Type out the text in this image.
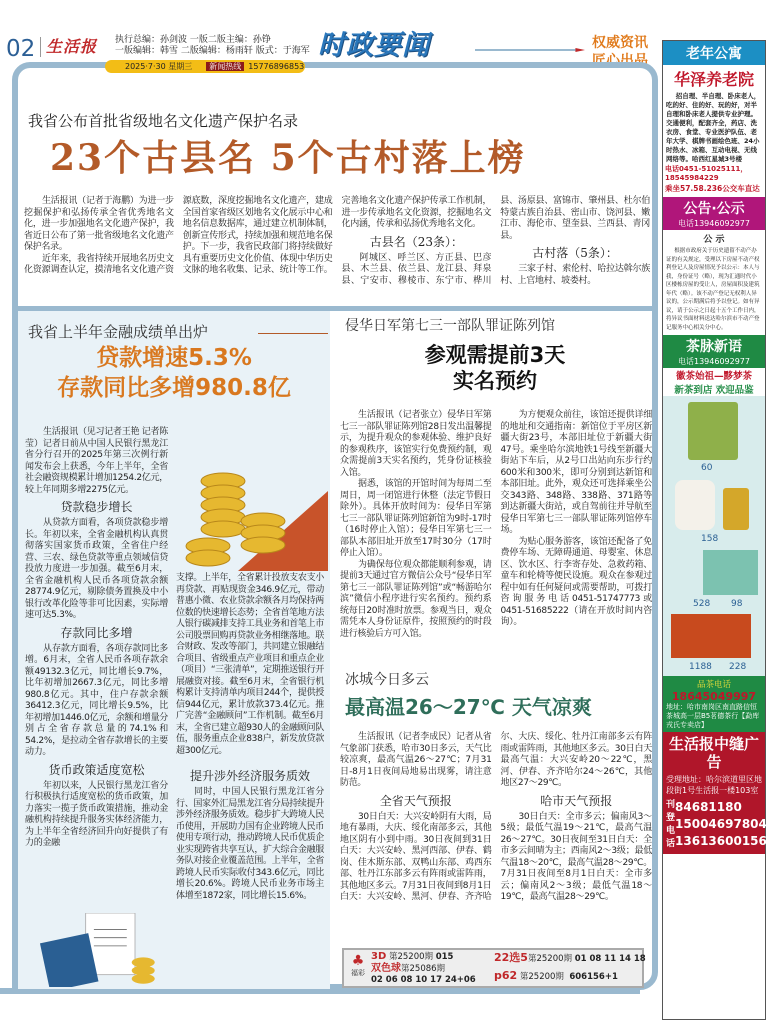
02 生活报 执行总编：孙剑波 一版二版主编：孙铮
一版编辑：韩雪 二版编辑：杨雨轩 版式：于海军 时政要闻	权威资讯
匠心出品
2025·7·30 星期三 新闻热线 15776896853
我省公布首批省级地名文化遗产保护名录
23个古县名 5个古村落上榜

生活报讯（记者于海鹏）为进一步挖掘保护和弘扬传承全省优秀地名文化，进一步加强地名文化遗产保护，我省近日公布了第一批省级地名文化遗产保护名录。

近年来，我省持续开展地名历史文化资源调查认定，摸清地名文化遗产资源底数，深度挖掘地名文化遗产，建成全国首家省级区划地名文化展示中心和地名信息数据库，通过建立机制体制，创新宣传形式，持续加强和规范地名保护。下一步，我省民政部门将持续做好具有重要历史文化价值、体现中华历史文脉的地名收集、记录、统计等工作。完善地名文化遗产保护传承工作机制，进一步传承地名文化资源，挖掘地名文化内涵，传承和弘扬优秀地名文化。

古县名（23条）：

阿城区、呼兰区、方正县、巴彦县、木兰县、依兰县、龙江县、拜泉县、宁安市、穆棱市、东宁市、桦川县、汤原县、富锦市、肇州县、杜尔伯特蒙古族自治县、密山市、饶河县、嫩江市、海伦市、望奎县、兰西县、青冈县。

古村落（5条）：

三家子村、索伦村、哈拉达斡尔族村、上官地村、坡娄村。

我省上半年金融成绩单出炉
贷款增速5.3%
存款同比多增980.8亿

生活报讯（见习记者王艳 记者陈莹）记者日前从中国人民银行黑龙江省分行召开的2025年第三次例行新闻发布会上获悉，今年上半年，全省社会融资规模累计增加1254.2亿元，较上年同期多增2275亿元。

贷款稳步增长

从贷款方面看，各项贷款稳步增长。年初以来，全省金融机构认真贯彻落实国家货币政策，全省住户经营、三农、绿色贷款等重点领域信贷投放力度进一步加强。截至6月末，全省金融机构人民币各项贷款余额28774.9亿元，剔除债务置换及中小银行改革化险等非可比因素，实际增速可达5.3%。

存款同比多增

从存款方面看，各项存款同比多增。6月末，全省人民币各项存款余额49132.3亿元，同比增长9.7%，比年初增加2667.3亿元，同比多增980.8亿元。其中，住户存款余额36412.3亿元，同比增长9.5%，比年初增加1446.0亿元，余额和增量分别占全省存款总量的74.1%和54.2%，是拉动全省存款增长的主要动力。

货币政策适度宽松

年初以来，人民银行黑龙江省分行积极执行适度宽松的货币政策，加力落实一揽子货币政策措施，推动金融机构持续提升服务实体经济能力，为上半年全省经济回升向好提供了有力的金融

支撑。上半年，全省累计投放支农支小再贷款、再贴现资金346.9亿元，带动普惠小微、农业贷款余额各月均保持两位数的快速增长态势；全省首笔地方法人银行碳减排支持工具业务和首笔上市公司股票回购再贷款业务相继落地。联合财政、发改等部门，共同建立银融结合项目、省级重点产业项目和重点企业（项目）“三张清单”，定期推送银行开展融资对接。截至6月末，全省银行机构累计支持清单内项目244个，提供授信944亿元，累计放款373.4亿元。推广完善“金融顾问”工作机制。截至6月末，全省已建立超930人的金融顾问队伍，服务重点企业838户，新发放贷款超300亿元。

提升涉外经济服务质效

同时，中国人民银行黑龙江省分行、国家外汇局黑龙江省分局持续提升涉外经济服务质效。稳步扩大跨境人民币使用，开展助力国有企业跨境人民币使用专项行动，推动跨境人民币优质企业实现跨省共享互认，扩大综合金融服务队对接企业覆盖范围。上半年，全省跨境人民币实际收付343.6亿元，同比增长20.6%。跨境人民币业务市场主体增至1872家，同比增长15.6%。

侵华日军第七三一部队罪证陈列馆
参观需提前3天
实名预约

生活报讯（记者张立）侵华日军第七三一部队罪证陈列馆28日发出温馨提示，为提升观众的参观体验、维护良好的参观秩序，该馆实行免费预约制，观众需提前3天实名预约，凭身份证核验入馆。

据悉，该馆的开馆时间为每周二至周日，周一闭馆进行休整（法定节假日除外）。具体开放时间为：侵华日军第七三一部队罪证陈列馆新馆为9时-17时（16时停止入馆）；侵华日军第七三一部队本部旧址开放至17时30分（17时停止入馆）。

为确保每位观众都能顺利参观，请提前3天通过官方微信公众号“侵华日军第七三一部队罪证陈列馆”或“畅游哈尔滨”微信小程序进行实名预约。预约系统每日20时准时放票。参观当日，观众需凭本人身份证原件，按照预约的时段进行核验后方可入馆。

为方便观众前往，该馆还提供详细的地址和交通指南：新馆位于平房区新疆大街23号，本部旧址位于新疆大街47号。乘坐哈尔滨地铁1号线至新疆大街站下车后，从2号口出站向东步行约600米和300米，即可分别到达新馆和本部旧址。此外，观众还可选择乘坐公交343路、348路、338路、371路等到达新疆大街站，或自驾前往并导航至侵华日军第七三一部队罪证陈列馆停车场。

为贴心服务游客，该馆还配备了免费停车场、无障碍通道、母婴室、休息区、饮水区、行李寄存处、急救药箱、童车和轮椅等便民设施。观众在参观过程中如有任何疑问或需要帮助，可拨打咨询服务电话0451-51747773或0451-51685222（请在开放时间内咨询）。

冰城今日多云
最高温26～27℃ 天气凉爽

生活报讯（记者李成民）记者从省气象部门获悉，哈市30日多云，天气比较凉爽，最高气温26～27℃；7月31日-8月1日夜间局地易出现雾，请注意防范。

全省天气预报

30日白天：大兴安岭阴有大雨，局地有暴雨，大庆、绥化南部多云，其他地区阴有小到中雨。30日夜间到31日白天：大兴安岭、黑河西部、伊春、鹤岗、佳木斯东部、双鸭山东部、鸡西东部、牡丹江东部多云有阵雨或雷阵雨，其他地区多云。7月31日夜间到8月1日白天：大兴安岭、黑河、伊春、齐齐哈尔、大庆、绥化、牡丹江南部多云有阵雨或雷阵雨，其他地区多云。30日白天最高气温：大兴安岭20～22℃，黑河、伊春、齐齐哈尔24～26℃，其他地区27～29℃。

哈市天气预报

30日白天：全市多云；偏南风3～5级；最低气温19～21℃，最高气温26～27℃。30日夜间至31日白天：全市多云间晴为主；西南风2～3级；最低气温18～20℃，最高气温28～29℃。7月31日夜间至8月1日白天：全市多云；偏南风2～3级；最低气温18～19℃，最高气温28～29℃。

♣
福彩
3D 第25200期 015
双色球第25086期
02 06 08 10 17 24+06
22选5第25200期 01 08 11 14 18
p62 第25200期 606156+1
老年公寓
华泽养老院
招自理、半自理、卧床老人，吃的好、住的好、玩的好，对半自理和卧床老人提供专业护理。交通便利，配套齐全，药店、洗衣房、食堂、专业医护队伍、老年大学、棋牌书画绘色班、24小时热水、冰箱、互动电视、无线网络等。哈西红星城3号楼
电话0451-51025111，18545984229
乘坐57.58.236公交车直达
公告·公示
电话13946092977
公 示
根据市政府关于历史遗留不动产办证的有关规定，受理以下房屋不动产权利登记人及房屋情况予以公示：本人与我，身份证号（略），现为汇通时代小区楼栋房屋的受让人，房屋面积及建筑年代（略）。该不动产登记无权利人异议的，公示期满后将予以登记。如有异议，请于公示之日起十五个工作日内，将异议书面材料送达哈尔滨市不动产登记服务中心相关分中心。
茶脉新语
电话13946092977
徽茶始祖—黟梦茶
新茶到店 欢迎品鉴
60
158
528 98
1188 228
品茶电话
18645049997
地址：哈市南岗区南直路信恒茶城高一层B5茗德茶行【勐库戎氏专卖店】
生活报中缝广告
受理地址：哈尔滨道里区地段街1号生活报一楼103室
刊登电话
84681180
15004697804
13613600156
